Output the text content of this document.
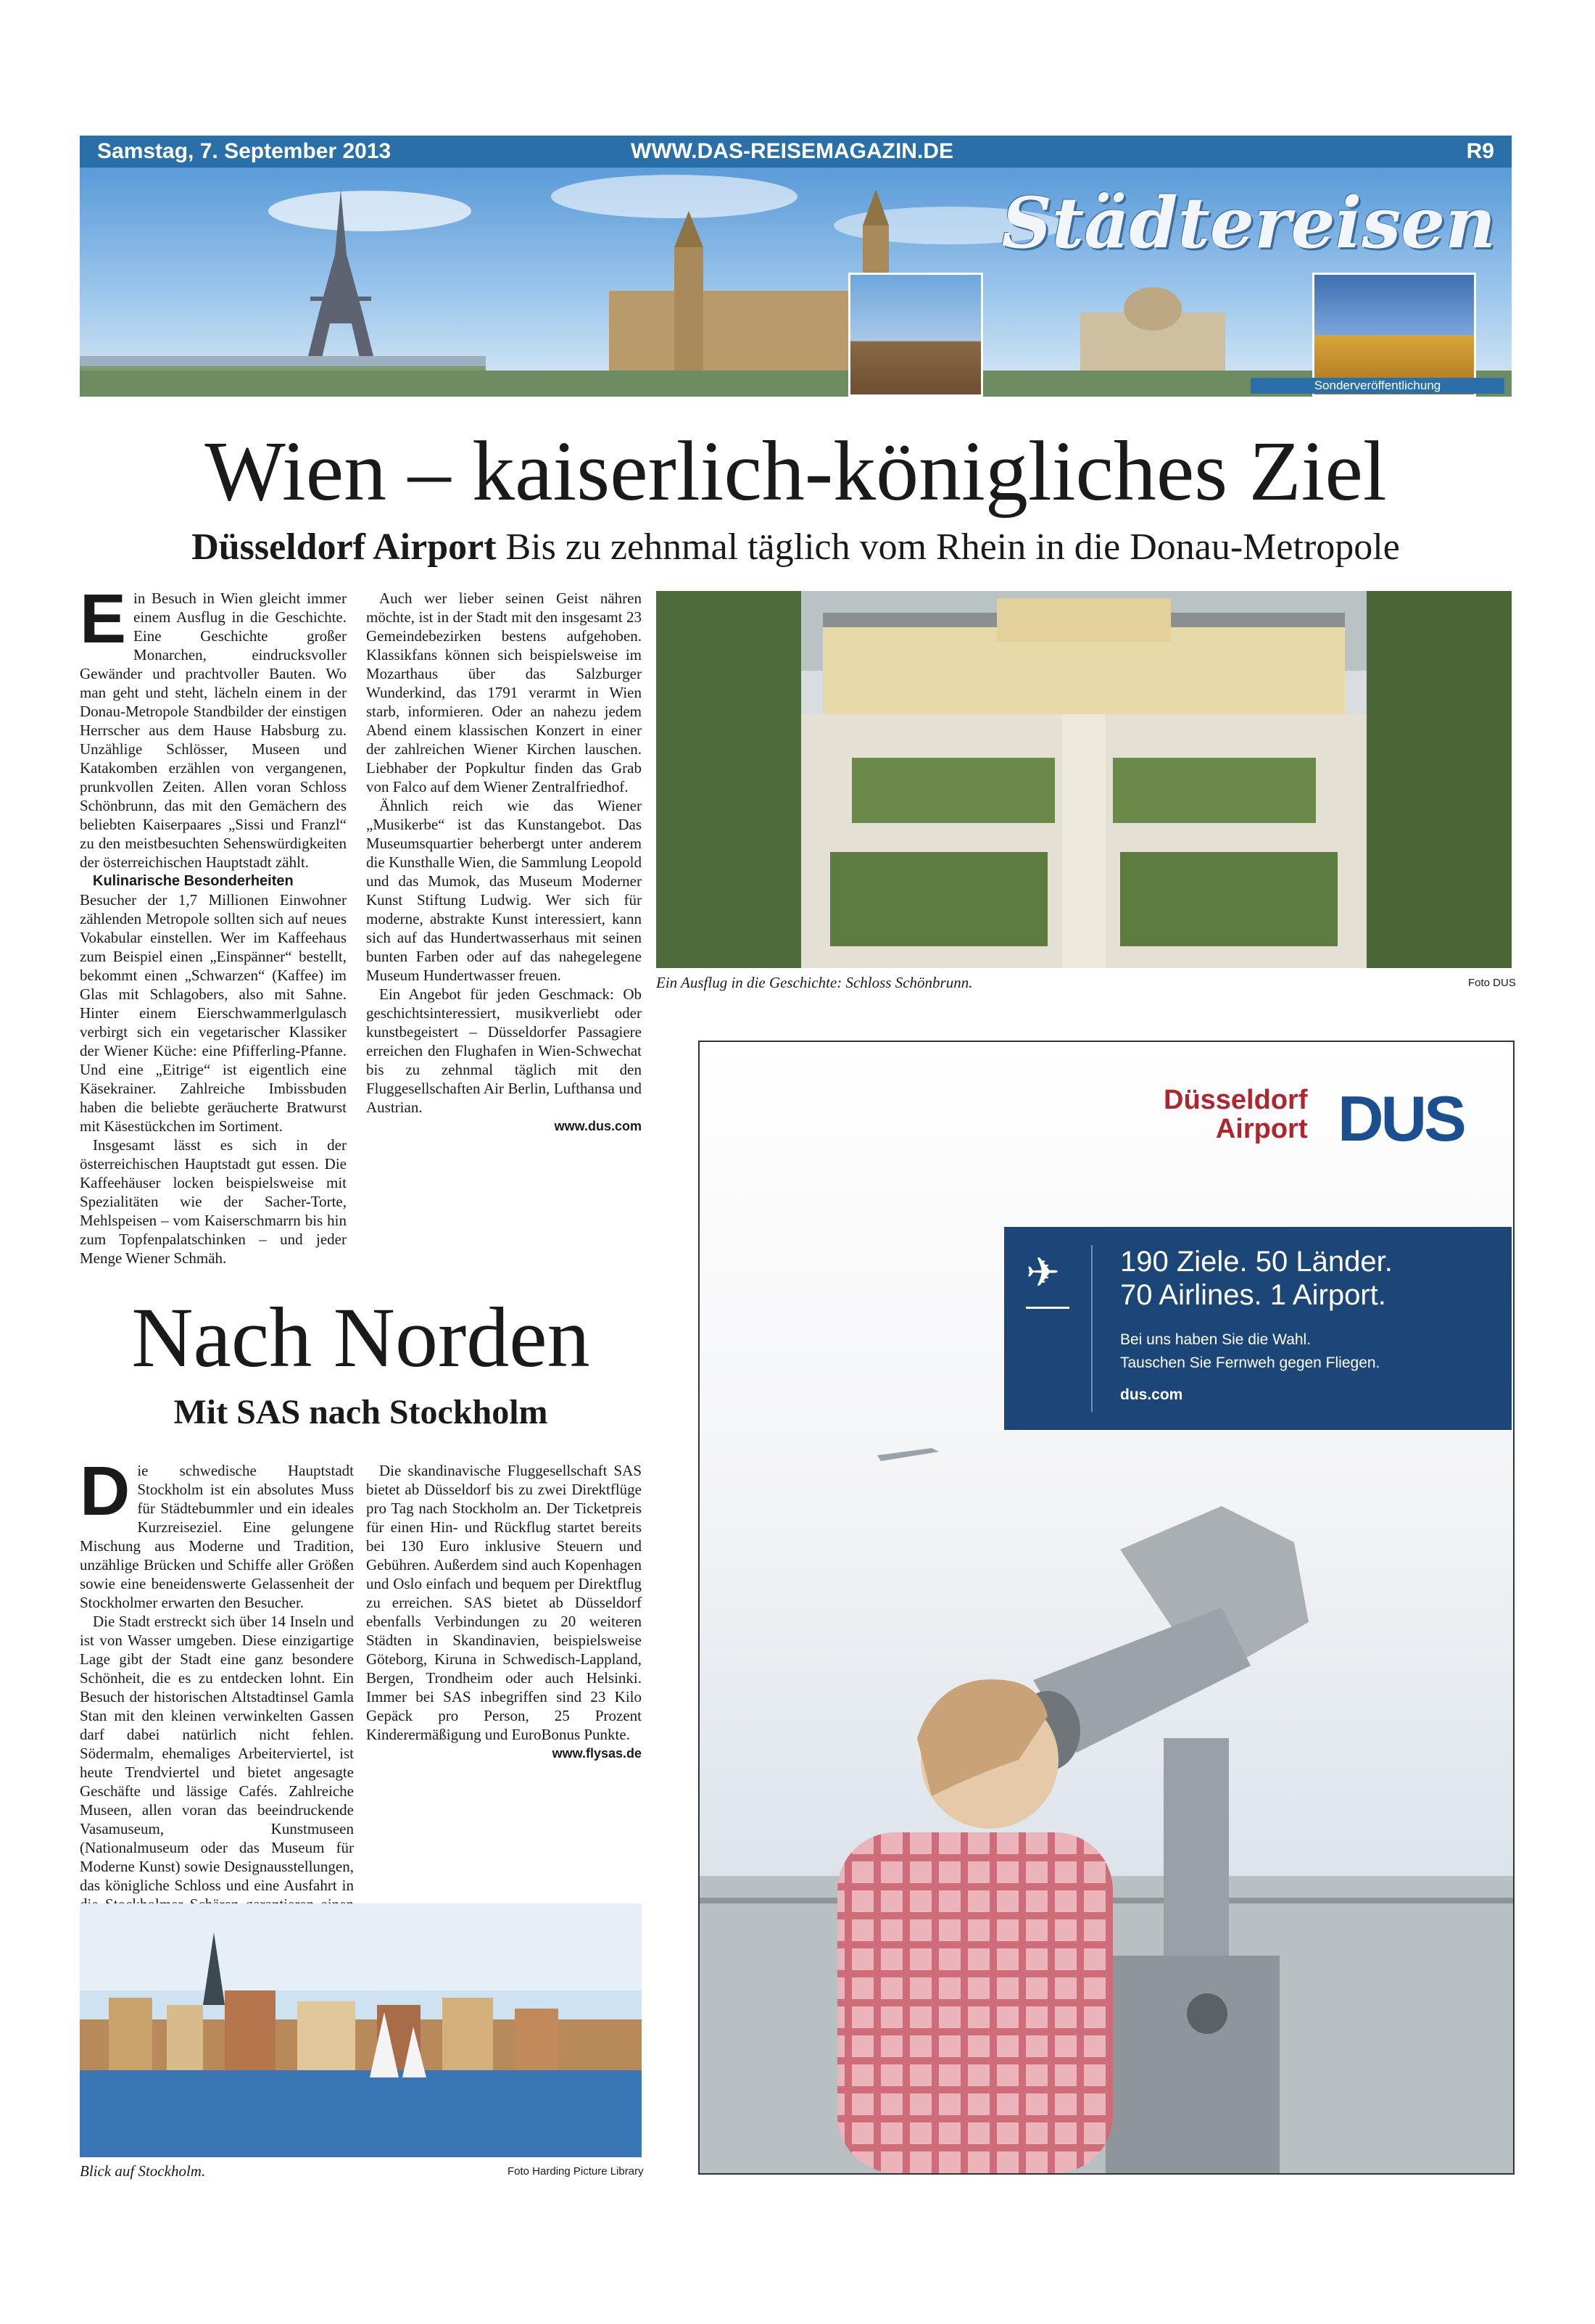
Samstag, 7. September 2013	WWW.DAS-REISEMAGAZIN.DE	R9
Städtereisen
Sonderveröffentlichung
Wien – kaiserlich-königliches Ziel
Düsseldorf Airport Bis zu zehnmal täglich vom Rhein in die Donau-Metropole

Ein Besuch in Wien gleicht immer einem Ausflug in die Geschichte. Eine Geschichte großer Monarchen, eindrucksvoller Gewänder und prachtvoller Bauten. Wo man geht und steht, lächeln einem in der Donau-Metropole Standbilder der einstigen Herrscher aus dem Hause Habsburg zu. Unzählige Schlösser, Museen und Katakomben erzählen von vergangenen, prunkvollen Zeiten. Allen voran Schloss Schönbrunn, das mit den Gemächern des beliebten Kaiserpaares „Sissi und Franzl“ zu den meistbesuchten Sehenswürdigkeiten der österreichischen Hauptstadt zählt.

Kulinarische Besonderheiten

Besucher der 1,7 Millionen Einwohner zählenden Metropole sollten sich auf neues Vokabular einstellen. Wer im Kaffeehaus zum Beispiel einen „Einspänner“ bestellt, bekommt einen „Schwarzen“ (Kaffee) im Glas mit Schlagobers, also mit Sahne. Hinter einem Eierschwammerlgulasch verbirgt sich ein vegetarischer Klassiker der Wiener Küche: eine Pfifferling-Pfanne. Und eine „Eitrige“ ist eigentlich eine Käsekrainer. Zahlreiche Imbissbuden haben die beliebte geräucherte Bratwurst mit Käsestückchen im Sortiment.

Insgesamt lässt es sich in der österreichischen Hauptstadt gut essen. Die Kaffeehäuser locken beispielsweise mit Spezialitäten wie der Sacher-Torte, Mehlspeisen – vom Kaiserschmarrn bis hin zum Topfenpalatschinken – und jeder Menge Wiener Schmäh.

Auch wer lieber seinen Geist nähren möchte, ist in der Stadt mit den insgesamt 23 Gemeindebezirken bestens aufgehoben. Klassikfans können sich beispielsweise im Mozarthaus über das Salzburger Wunderkind, das 1791 verarmt in Wien starb, informieren. Oder an nahezu jedem Abend einem klassischen Konzert in einer der zahlreichen Wiener Kirchen lauschen. Liebhaber der Popkultur finden das Grab von Falco auf dem Wiener Zentralfriedhof.

Ähnlich reich wie das Wiener „Musikerbe“ ist das Kunstangebot. Das Museumsquartier beherbergt unter anderem die Kunsthalle Wien, die Sammlung Leopold und das Mumok, das Museum Moderner Kunst Stiftung Ludwig. Wer sich für moderne, abstrakte Kunst interessiert, kann sich auf das Hundertwasserhaus mit seinen bunten Farben oder auf das nahegelegene Museum Hundertwasser freuen.

Ein Angebot für jeden Geschmack: Ob geschichtsinteressiert, musikverliebt oder kunstbegeistert – Düsseldorfer Passagiere erreichen den Flughafen in Wien-Schwechat bis zu zehnmal täglich mit den Fluggesellschaften Air Berlin, Lufthansa und Austrian.

www.dus.com
Ein Ausflug in die Geschichte: Schloss Schönbrunn.	Foto DUS
Nach Norden
Mit SAS nach Stockholm

Die schwedische Hauptstadt Stockholm ist ein absolutes Muss für Städtebummler und ein ideales Kurzreiseziel. Eine gelungene Mischung aus Moderne und Tradition, unzählige Brücken und Schiffe aller Größen sowie eine beneidenswerte Gelassenheit der Stockholmer erwarten den Besucher.

Die Stadt erstreckt sich über 14 Inseln und ist von Wasser umgeben. Diese einzigartige Lage gibt der Stadt eine ganz besondere Schönheit, die es zu entdecken lohnt. Ein Besuch der historischen Altstadtinsel Gamla Stan mit den kleinen verwinkelten Gassen darf dabei natürlich nicht fehlen. Södermalm, ehemaliges Arbeiterviertel, ist heute Trendviertel und bietet angesagte Geschäfte und lässige Cafés. Zahlreiche Museen, allen voran das beeindruckende Vasamuseum, Kunstmuseen (Nationalmuseum oder das Museum für Moderne Kunst) sowie Designausstellungen, das königliche Schloss und eine Ausfahrt in

Die skandinavische Fluggesellschaft SAS bietet ab Düsseldorf bis zu zwei Direktflüge pro Tag nach Stockholm an. Der Ticketpreis für einen Hin- und Rückflug startet bereits bei 130 Euro inklusive Steuern und Gebühren. Außerdem sind auch Kopenhagen und Oslo einfach und bequem per Direktflug zu erreichen. SAS bietet ab Düsseldorf ebenfalls Verbindungen zu 20 weiteren Städten in Skandinavien, beispielsweise Göteborg, Kiruna in Schwedisch-Lappland, Bergen, Trondheim oder auch Helsinki. Immer bei SAS inbegriffen sind 23 Kilo Gepäck pro Person, 25 Prozent Kinderermäßigung und EuroBonus Punkte.

www.flysas.de
Blick auf Stockholm.	Foto Harding Picture Library
Düsseldorf
Airport DUS
✈ 190 Ziele. 50 Länder.
70 Airlines. 1 Airport.
Bei uns haben Sie die Wahl.
Tauschen Sie Fernweh gegen Fliegen.
dus.com
